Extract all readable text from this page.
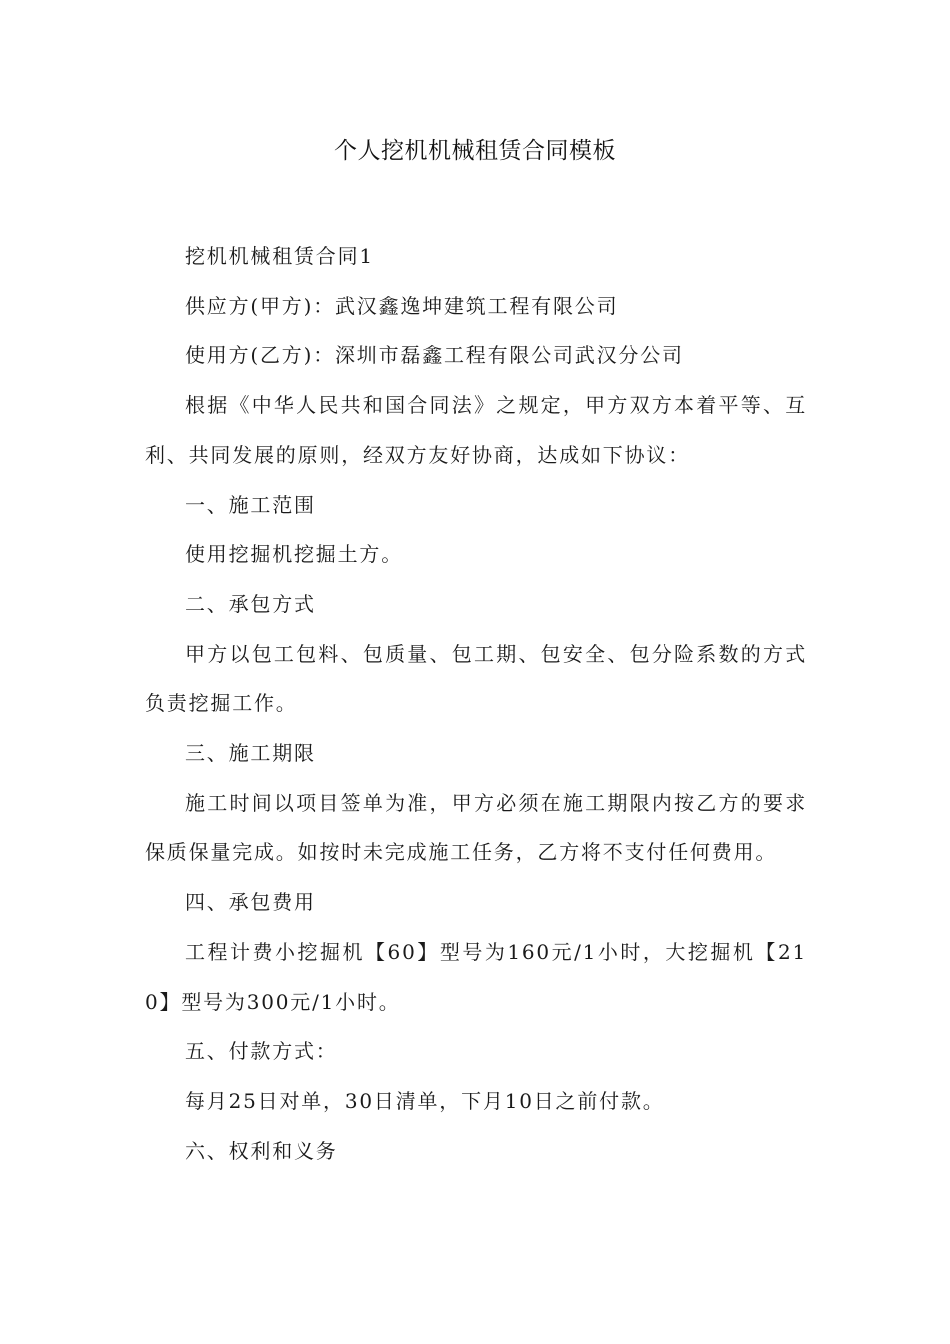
个人挖机机械租赁合同模板

挖机机械租赁合同1

供应方(甲方)：武汉鑫逸坤建筑工程有限公司

使用方(乙方)：深圳市磊鑫工程有限公司武汉分公司

根据《中华人民共和国合同法》之规定，甲方双方本着平等、互利、共同发展的原则，经双方友好协商，达成如下协议：

一、施工范围

使用挖掘机挖掘土方。

二、承包方式

甲方以包工包料、包质量、包工期、包安全、包分险系数的方式负责挖掘工作。

三、施工期限

施工时间以项目签单为准，甲方必须在施工期限内按乙方的要求保质保量完成。如按时未完成施工任务，乙方将不支付任何费用。

四、承包费用

工程计费小挖掘机【60】型号为160元/1小时，大挖掘机【210】型号为300元/1小时。

五、付款方式：

每月25日对单，30日清单，下月10日之前付款。

六、权利和义务
